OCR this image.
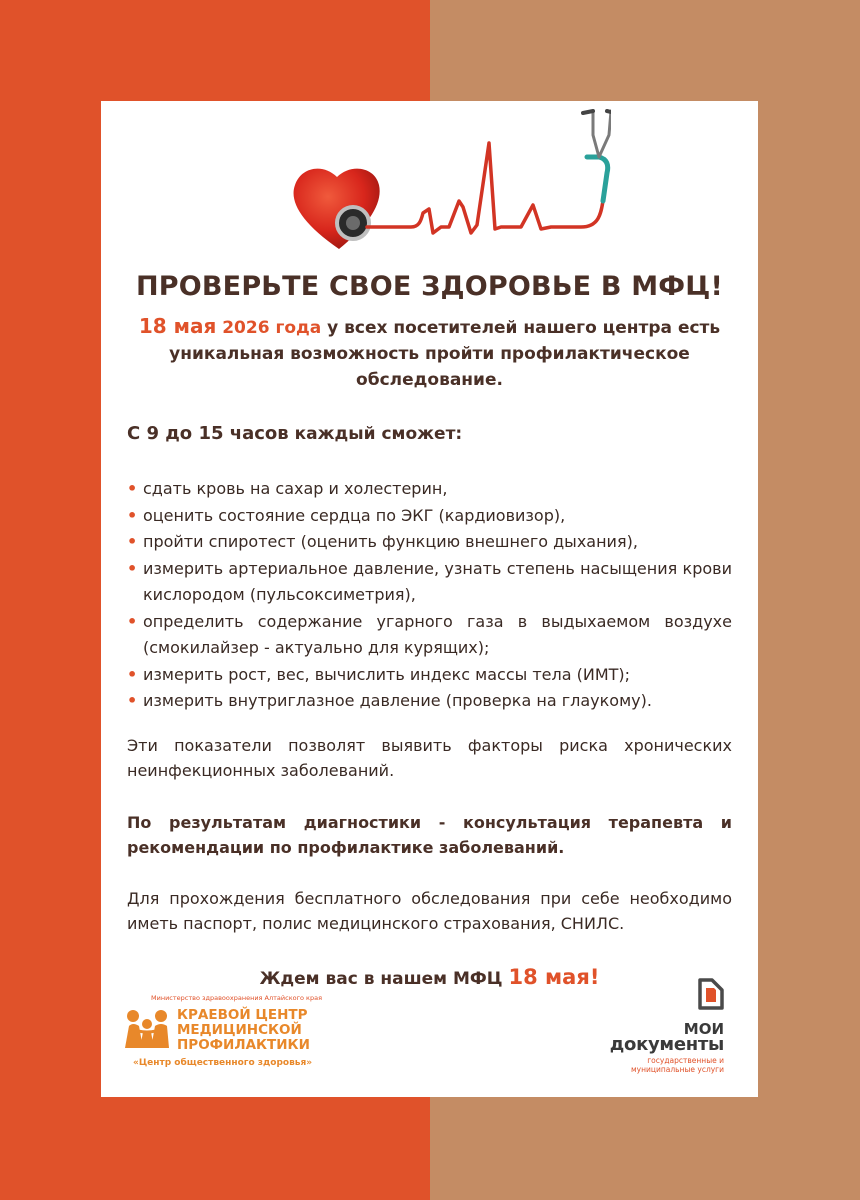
ПРОВЕРЬТЕ СВОЕ ЗДОРОВЬЕ В МФЦ!
18 мая 2026 года у всех посетителей нашего центра есть
уникальная возможность пройти профилактическое
обследование.
С 9 до 15 часов каждый сможет:
• сдать кровь на сахар и холестерин,
• оценить состояние сердца по ЭКГ (кардиовизор),
• пройти спиротест (оценить функцию внешнего дыхания),
• измерить артериальное давление, узнать степень насыщения крови кислородом (пульсоксиметрия),
• определить содержание угарного газа в выдыхаемом воздухе (смокилайзер - актуально для курящих);
• измерить рост, вес, вычислить индекс массы тела (ИМТ);
• измерить внутриглазное давление (проверка на глаукому).
Эти показатели позволят выявить факторы риска хронических неинфекционных заболеваний.
По результатам диагностики - консультация терапевта и рекомендации по профилактике заболеваний.
Для прохождения бесплатного обследования при себе необходимо иметь паспорт, полис медицинского страхования, СНИЛС.
Ждем вас в нашем МФЦ 18 мая!
Министерство здравоохранения Алтайского края
КРАЕВОЙ ЦЕНТР
МЕДИЦИНСКОЙ
ПРОФИЛАКТИКИ
«Центр общественного здоровья»
МОИ
документы
государственные и муниципальные услуги
